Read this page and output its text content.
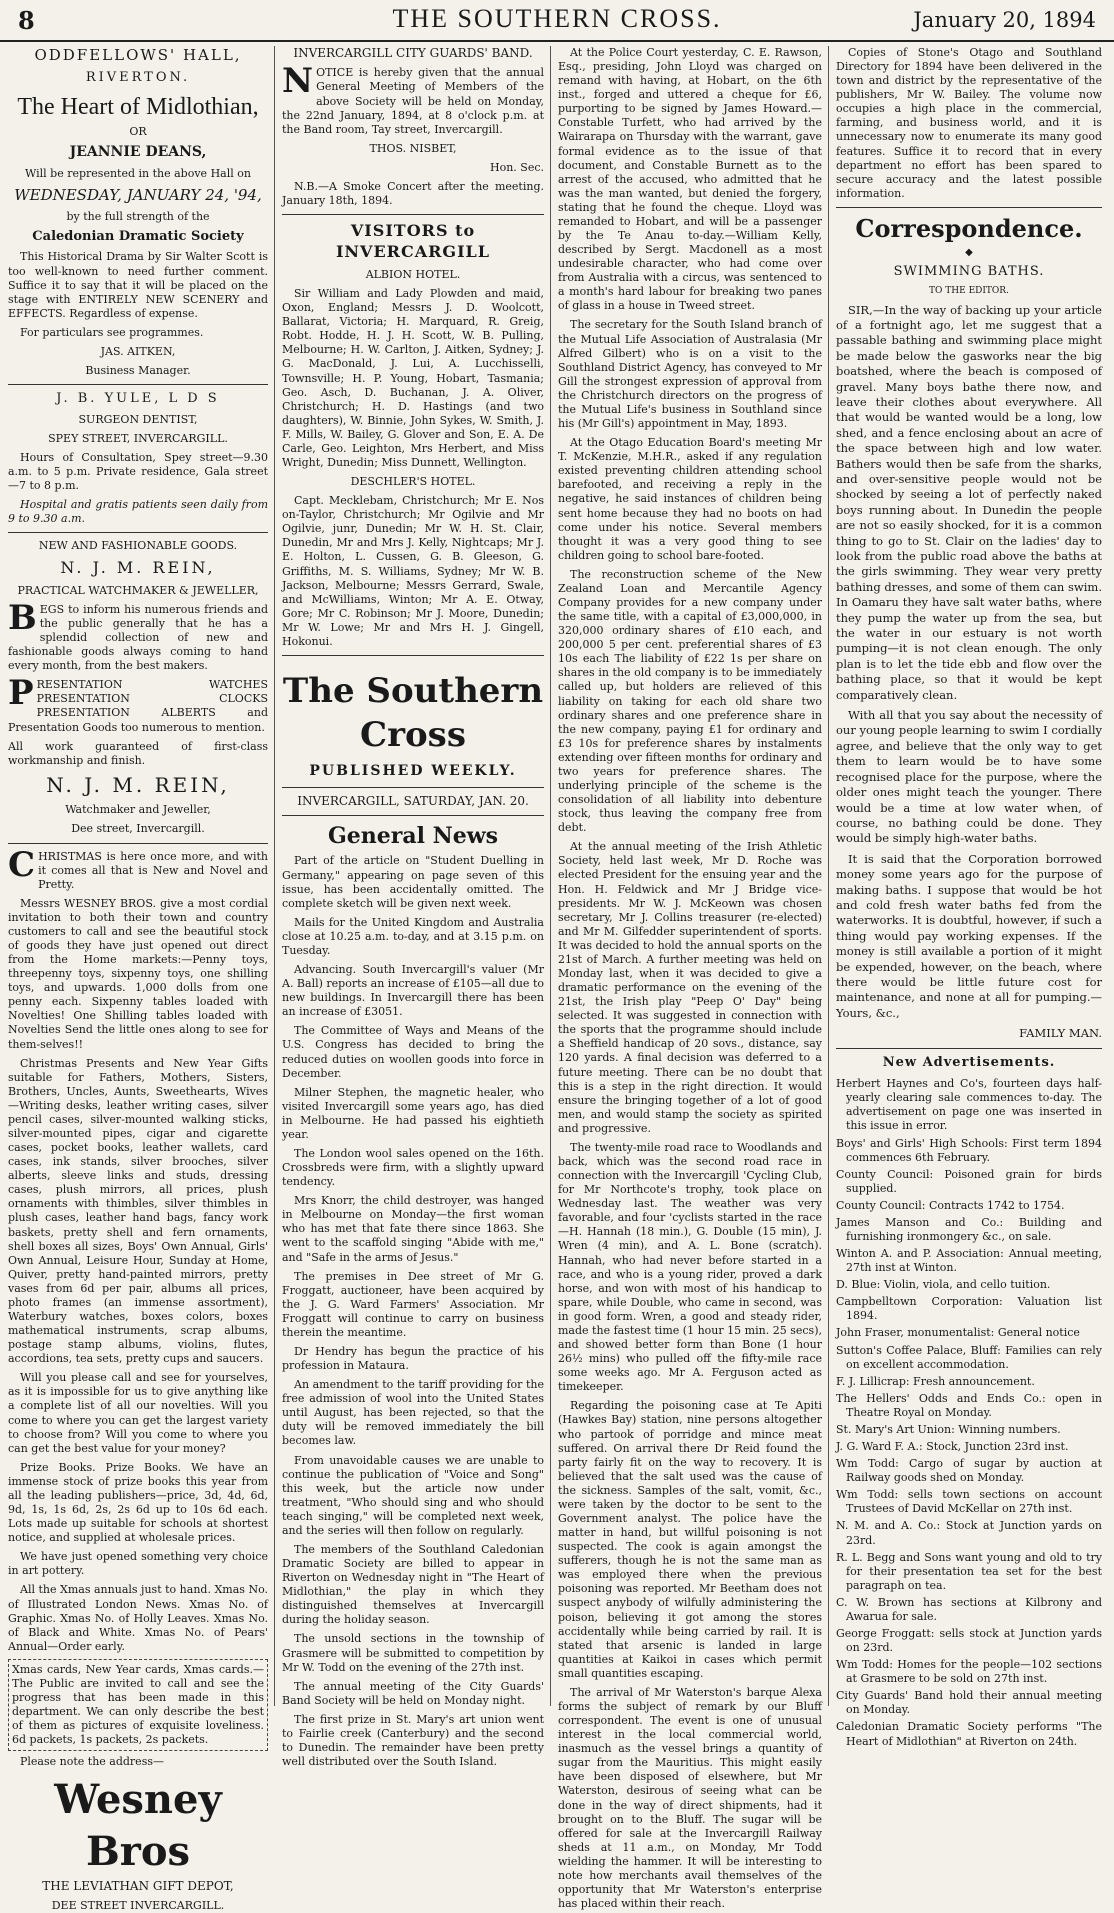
8	THE SOUTHERN CROSS.	January 20, 1894

ODDFELLOWS' HALL,

RIVERTON.

The Heart of Midlothian,

OR

JEANNIE DEANS,

Will be represented in the above Hall on

WEDNESDAY, JANUARY 24, '94,

by the full strength of the

Caledonian Dramatic Society

This Historical Drama by Sir Walter Scott is too well-known to need further comment. Suffice it to say that it will be placed on the stage with ENTIRELY NEW SCENERY and EFFECTS. Regardless of expense.

For particulars see programmes.

JAS. AITKEN,

Business Manager.

J. B. YULE, L D S

SURGEON DENTIST,

SPEY STREET, INVERCARGILL.

Hours of Consultation, Spey street—9.30 a.m. to 5 p.m. Private residence, Gala street —7 to 8 p.m.

Hospital and gratis patients seen daily from 9 to 9.30 a.m.

NEW AND FASHIONABLE GOODS.

N. J. M. REIN,

PRACTICAL WATCHMAKER & JEWELLER,

BEGS to inform his numerous friends and the public generally that he has a splendid collection of new and fashionable goods always coming to hand every month, from the best makers.

PRESENTATION WATCHES PRESENTATION CLOCKS PRESENTATION ALBERTS and Presentation Goods too numerous to mention.

All work guaranteed of first-class workmanship and finish.

N. J. M. REIN,

Watchmaker and Jeweller,

Dee street, Invercargill.

CHRISTMAS is here once more, and with it comes all that is New and Novel and Pretty.

Messrs WESNEY BROS. give a most cordial invitation to both their town and country customers to call and see the beautiful stock of goods they have just opened out direct from the Home markets:—Penny toys, threepenny toys, sixpenny toys, one shilling toys, and upwards. 1,000 dolls from one penny each. Sixpenny tables loaded with Novelties! One Shilling tables loaded with Novelties Send the little ones along to see for them-selves!!

Christmas Presents and New Year Gifts suitable for Fathers, Mothers, Sisters, Brothers, Uncles, Aunts, Sweethearts, Wives—Writing desks, leather writing cases, silver pencil cases, silver-mounted walking sticks, silver-mounted pipes, cigar and cigarette cases, pocket books, leather wallets, card cases, ink stands, silver brooches, silver alberts, sleeve links and studs, dressing cases, plush mirrors, all prices, plush ornaments with thimbles, silver thimbles in plush cases, leather hand bags, fancy work baskets, pretty shell and fern ornaments, shell boxes all sizes, Boys' Own Annual, Girls' Own Annual, Leisure Hour, Sunday at Home, Quiver, pretty hand-painted mirrors, pretty vases from 6d per pair, albums all prices, photo frames (an immense assortment), Waterbury watches, boxes colors, boxes mathematical instruments, scrap albums, postage stamp albums, violins, flutes, accordions, tea sets, pretty cups and saucers.

Will you please call and see for yourselves, as it is impossible for us to give anything like a complete list of all our novelties. Will you come to where you can get the largest variety to choose from? Will you come to where you can get the best value for your money?

Prize Books. Prize Books. We have an immense stock of prize books this year from all the leading publishers—price, 3d, 4d, 6d, 9d, 1s, 1s 6d, 2s, 2s 6d up to 10s 6d each. Lots made up suitable for schools at shortest notice, and supplied at wholesale prices.

We have just opened something very choice in art pottery.

All the Xmas annuals just to hand. Xmas No. of Illustrated London News. Xmas No. of Graphic. Xmas No. of Holly Leaves. Xmas No. of Black and White. Xmas No. of Pears' Annual—Order early.

Xmas cards, New Year cards, Xmas cards.—The Public are invited to call and see the progress that has been made in this department. We can only describe the best of them as pictures of exquisite loveliness. 6d packets, 1s packets, 2s packets.

Please note the address—

Wesney Bros

THE LEVIATHAN GIFT DEPOT,

DEE STREET INVERCARGILL.

INVERCARGILL CITY GUARDS' BAND.

NOTICE is hereby given that the annual General Meeting of Members of the above Society will be held on Monday, the 22nd January, 1894, at 8 o'clock p.m. at the Band room, Tay street, Invercargill.

THOS. NISBET,

Hon. Sec.

N.B.—A Smoke Concert after the meeting. January 18th, 1894.

VISITORS to INVERCARGILL

ALBION HOTEL.

Sir William and Lady Plowden and maid, Oxon, England; Messrs J. D. Woolcott, Ballarat, Victoria; H. Marquard, R. Greig, Robt. Hodde, H. J. H. Scott, W. B. Pulling, Melbourne; H. W. Carlton, J. Aitken, Sydney; J. G. MacDonald, J. Lui, A. Lucchisselli, Townsville; H. P. Young, Hobart, Tasmania; Geo. Asch, D. Buchanan, J. A. Oliver, Christchurch; H. D. Hastings (and two daughters), W. Binnie, John Sykes, W. Smith, J. F. Mills, W. Bailey, G. Glover and Son, E. A. De Carle, Geo. Leighton, Mrs Herbert, and Miss Wright, Dunedin; Miss Dunnett, Wellington.

DESCHLER'S HOTEL.

Capt. Mecklebam, Christchurch; Mr E. Nos on-Taylor, Christchurch; Mr Ogilvie and Mr Ogilvie, junr, Dunedin; Mr W. H. St. Clair, Dunedin, Mr and Mrs J. Kelly, Nightcaps; Mr J. E. Holton, L. Cussen, G. B. Gleeson, G. Griffiths, M. S. Williams, Sydney; Mr W. B. Jackson, Melbourne; Messrs Gerrard, Swale, and McWilliams, Winton; Mr A. E. Otway, Gore; Mr C. Robinson; Mr J. Moore, Dunedin; Mr W. Lowe; Mr and Mrs H. J. Gingell, Hokonui.

The Southern Cross

PUBLISHED WEEKLY.

INVERCARGILL, SATURDAY, JAN. 20.

General News

Part of the article on "Student Duelling in Germany," appearing on page seven of this issue, has been accidentally omitted. The complete sketch will be given next week.

Mails for the United Kingdom and Australia close at 10.25 a.m. to-day, and at 3.15 p.m. on Tuesday.

Advancing. South Invercargill's valuer (Mr A. Ball) reports an increase of £105—all due to new buildings. In Invercargill there has been an increase of £3051.

The Committee of Ways and Means of the U.S. Congress has decided to bring the reduced duties on woollen goods into force in December.

Milner Stephen, the magnetic healer, who visited Invercargill some years ago, has died in Melbourne. He had passed his eightieth year.

The London wool sales opened on the 16th. Crossbreds were firm, with a slightly upward tendency.

Mrs Knorr, the child destroyer, was hanged in Melbourne on Monday—the first woman who has met that fate there since 1863. She went to the scaffold singing "Abide with me," and "Safe in the arms of Jesus."

The premises in Dee street of Mr G. Froggatt, auctioneer, have been acquired by the J. G. Ward Farmers' Association. Mr Froggatt will continue to carry on business therein the meantime.

Dr Hendry has begun the practice of his profession in Mataura.

An amendment to the tariff providing for the free admission of wool into the United States until August, has been rejected, so that the duty will be removed immediately the bill becomes law.

From unavoidable causes we are unable to continue the publication of "Voice and Song" this week, but the article now under treatment, "Who should sing and who should teach singing," will be completed next week, and the series will then follow on regularly.

The members of the Southland Caledonian Dramatic Society are billed to appear in Riverton on Wednesday night in "The Heart of Midlothian," the play in which they distinguished themselves at Invercargill during the holiday season.

The unsold sections in the township of Grasmere will be submitted to competition by Mr W. Todd on the evening of the 27th inst.

The annual meeting of the City Guards' Band Society will be held on Monday night.

The first prize in St. Mary's art union went to Fairlie creek (Canterbury) and the second to Dunedin. The remainder have been pretty well distributed over the South Island.

At the Police Court yesterday, C. E. Rawson, Esq., presiding, John Lloyd was charged on remand with having, at Hobart, on the 6th inst., forged and uttered a cheque for £6, purporting to be signed by James Howard.—Constable Turfett, who had arrived by the Wairarapa on Thursday with the warrant, gave formal evidence as to the issue of that document, and Constable Burnett as to the arrest of the accused, who admitted that he was the man wanted, but denied the forgery, stating that he found the cheque. Lloyd was remanded to Hobart, and will be a passenger by the Te Anau to-day.—William Kelly, described by Sergt. Macdonell as a most undesirable character, who had come over from Australia with a circus, was sentenced to a month's hard labour for breaking two panes of glass in a house in Tweed street.

The secretary for the South Island branch of the Mutual Life Association of Australasia (Mr Alfred Gilbert) who is on a visit to the Southland District Agency, has conveyed to Mr Gill the strongest expression of approval from the Christchurch directors on the progress of the Mutual Life's business in Southland since his (Mr Gill's) appointment in May, 1893.

At the Otago Education Board's meeting Mr T. McKenzie, M.H.R., asked if any regulation existed preventing children attending school barefooted, and receiving a reply in the negative, he said instances of children being sent home because they had no boots on had come under his notice. Several members thought it was a very good thing to see children going to school bare-footed.

The reconstruction scheme of the New Zealand Loan and Mercantile Agency Company provides for a new company under the same title, with a capital of £3,000,000, in 320,000 ordinary shares of £10 each, and 200,000 5 per cent. preferential shares of £3 10s each The liability of £22 1s per share on shares in the old company is to be immediately called up, but holders are relieved of this liability on taking for each old share two ordinary shares and one preference share in the new company, paying £1 for ordinary and £3 10s for preference shares by instalments extending over fifteen months for ordinary and two years for preference shares. The underlying principle of the scheme is the consolidation of all liability into debenture stock, thus leaving the company free from debt.

At the annual meeting of the Irish Athletic Society, held last week, Mr D. Roche was elected President for the ensuing year and the Hon. H. Feldwick and Mr J Bridge vice-presidents. Mr W. J. McKeown was chosen secretary, Mr J. Collins treasurer (re-elected) and Mr M. Gilfedder superintendent of sports. It was decided to hold the annual sports on the 21st of March. A further meeting was held on Monday last, when it was decided to give a dramatic performance on the evening of the 21st, the Irish play "Peep O' Day" being selected. It was suggested in connection with the sports that the programme should include a Sheffield handicap of 20 sovs., distance, say 120 yards. A final decision was deferred to a future meeting. There can be no doubt that this is a step in the right direction. It would ensure the bringing together of a lot of good men, and would stamp the society as spirited and progressive.

The twenty-mile road race to Woodlands and back, which was the second road race in connection with the Invercargill 'Cycling Club, for Mr Northcote's trophy, took place on Wednesday last. The weather was very favorable, and four 'cyclists started in the race—H. Hannah (18 min.), G. Double (15 min), J. Wren (4 min), and A. L. Bone (scratch). Hannah, who had never before started in a race, and who is a young rider, proved a dark horse, and won with most of his handicap to spare, while Double, who came in second, was in good form. Wren, a good and steady rider, made the fastest time (1 hour 15 min. 25 secs), and showed better form than Bone (1 hour 26½ mins) who pulled off the fifty-mile race some weeks ago. Mr A. Ferguson acted as timekeeper.

Regarding the poisoning case at Te Apiti (Hawkes Bay) station, nine persons altogether who partook of porridge and mince meat suffered. On arrival there Dr Reid found the party fairly fit on the way to recovery. It is believed that the salt used was the cause of the sickness. Samples of the salt, vomit, &c., were taken by the doctor to be sent to the Government analyst. The police have the matter in hand, but willful poisoning is not suspected. The cook is again amongst the sufferers, though he is not the same man as was employed there when the previous poisoning was reported. Mr Beetham does not suspect anybody of wilfully administering the poison, believing it got among the stores accidentally while being carried by rail. It is stated that arsenic is landed in large quantities at Kaikoi in cases which permit small quantities escaping.

The arrival of Mr Waterston's barque Alexa forms the subject of remark by our Bluff correspondent. The event is one of unusual interest in the local commercial world, inasmuch as the vessel brings a quantity of sugar from the Mauritius. This might easily have been disposed of elsewhere, but Mr Waterston, desirous of seeing what can be done in the way of direct shipments, had it brought on to the Bluff. The sugar will be offered for sale at the Invercargill Railway sheds at 11 a.m., on Monday, Mr Todd wielding the hammer. It will be interesting to note how merchants avail themselves of the opportunity that Mr Waterston's enterprise has placed within their reach.

Copies of Stone's Otago and Southland Directory for 1894 have been delivered in the town and district by the representative of the publishers, Mr W. Bailey. The volume now occupies a high place in the commercial, farming, and business world, and it is unnecessary now to enumerate its many good features. Suffice it to record that in every department no effort has been spared to secure accuracy and the latest possible information.

Correspondence.

◆

SWIMMING BATHS.

TO THE EDITOR.

SIR,—In the way of backing up your article of a fortnight ago, let me suggest that a passable bathing and swimming place might be made below the gasworks near the big boatshed, where the beach is composed of gravel. Many boys bathe there now, and leave their clothes about everywhere. All that would be wanted would be a long, low shed, and a fence enclosing about an acre of the space between high and low water. Bathers would then be safe from the sharks, and over-sensitive people would not be shocked by seeing a lot of perfectly naked boys running about. In Dunedin the people are not so easily shocked, for it is a common thing to go to St. Clair on the ladies' day to look from the public road above the baths at the girls swimming. They wear very pretty bathing dresses, and some of them can swim. In Oamaru they have salt water baths, where they pump the water up from the sea, but the water in our estuary is not worth pumping—it is not clean enough. The only plan is to let the tide ebb and flow over the bathing place, so that it would be kept comparatively clean.

With all that you say about the necessity of our young people learning to swim I cordially agree, and believe that the only way to get them to learn would be to have some recognised place for the purpose, where the older ones might teach the younger. There would be a time at low water when, of course, no bathing could be done. They would be simply high-water baths.

It is said that the Corporation borrowed money some years ago for the purpose of making baths. I suppose that would be hot and cold fresh water baths fed from the waterworks. It is doubtful, however, if such a thing would pay working expenses. If the money is still available a portion of it might be expended, however, on the beach, where there would be little future cost for maintenance, and none at all for pumping.—Yours, &c.,

FAMILY MAN.

New Advertisements.

Herbert Haynes and Co's, fourteen days half-yearly clearing sale commences to-day. The advertisement on page one was inserted in this issue in error.

Boys' and Girls' High Schools: First term 1894 commences 6th February.

County Council: Poisoned grain for birds supplied.

County Council: Contracts 1742 to 1754.

James Manson and Co.: Building and furnishing ironmongery &c., on sale.

Winton A. and P. Association: Annual meeting, 27th inst at Winton.

D. Blue: Violin, viola, and cello tuition.

Campbelltown Corporation: Valuation list 1894.

John Fraser, monumentalist: General notice

Sutton's Coffee Palace, Bluff: Families can rely on excellent accommodation.

F. J. Lillicrap: Fresh announcement.

The Hellers' Odds and Ends Co.: open in Theatre Royal on Monday.

St. Mary's Art Union: Winning numbers.

J. G. Ward F. A.: Stock, Junction 23rd inst.

Wm Todd: Cargo of sugar by auction at Railway goods shed on Monday.

Wm Todd: sells town sections on account Trustees of David McKellar on 27th inst.

N. M. and A. Co.: Stock at Junction yards on 23rd.

R. L. Begg and Sons want young and old to try for their presentation tea set for the best paragraph on tea.

C. W. Brown has sections at Kilbrony and Awarua for sale.

George Froggatt: sells stock at Junction yards on 23rd.

Wm Todd: Homes for the people—102 sections at Grasmere to be sold on 27th inst.

City Guards' Band hold their annual meeting on Monday.

Caledonian Dramatic Society performs "The Heart of Midlothian" at Riverton on 24th.
